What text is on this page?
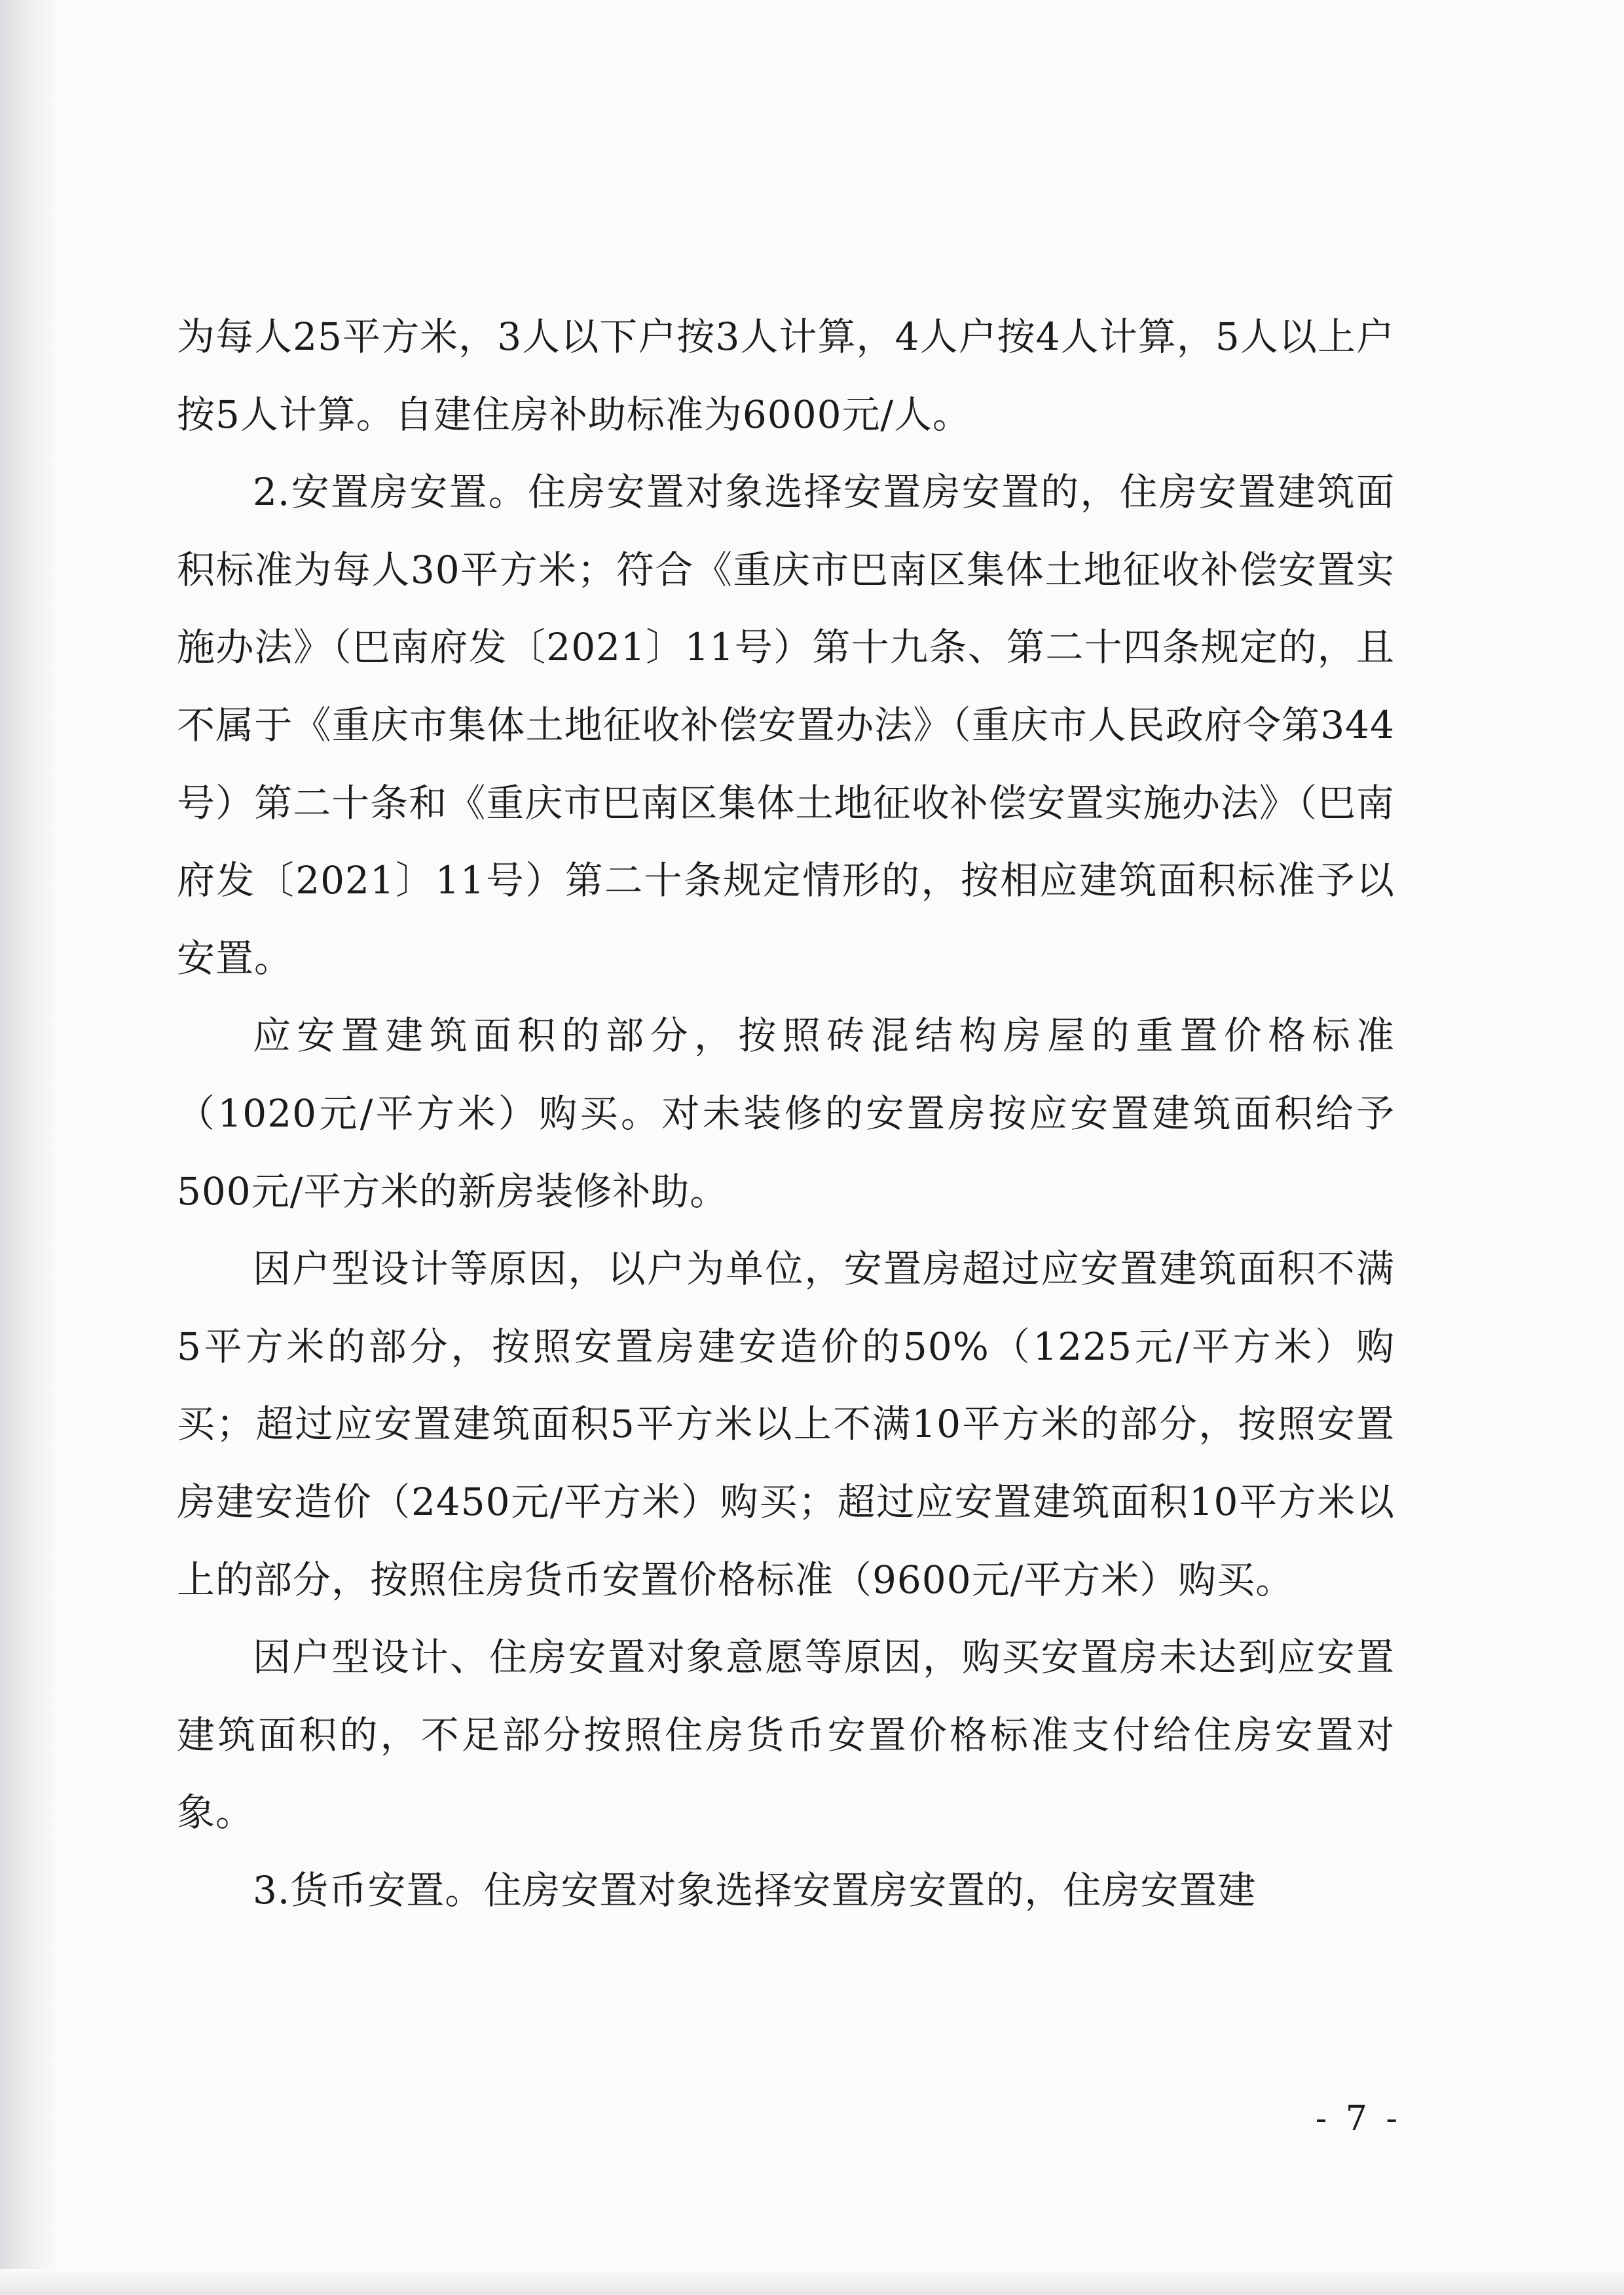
为每人25平方米，3人以下户按3人计算，4人户按4人计算，5人以上户按5人计算。自建住房补助标准为6000元/人。

2.安置房安置。住房安置对象选择安置房安置的，住房安置建筑面积标准为每人30平方米；符合《重庆市巴南区集体土地征收补偿安置实施办法》（巴南府发〔2021〕11号）第十九条、第二十四条规定的，且不属于《重庆市集体土地征收补偿安置办法》（重庆市人民政府令第344号）第二十条和《重庆市巴南区集体土地征收补偿安置实施办法》（巴南府发〔2021〕11号）第二十条规定情形的，按相应建筑面积标准予以安置。

应安置建筑面积的部分，按照砖混结构房屋的重置价格标准（1020元/平方米）购买。对未装修的安置房按应安置建筑面积给予500元/平方米的新房装修补助。

因户型设计等原因，以户为单位，安置房超过应安置建筑面积不满5平方米的部分，按照安置房建安造价的50%（1225元/平方米）购买；超过应安置建筑面积5平方米以上不满10平方米的部分，按照安置房建安造价（2450元/平方米）购买；超过应安置建筑面积10平方米以上的部分，按照住房货币安置价格标准（9600元/平方米）购买。

因户型设计、住房安置对象意愿等原因，购买安置房未达到应安置建筑面积的，不足部分按照住房货币安置价格标准支付给住房安置对象。

3.货币安置。住房安置对象选择安置房安置的，住房安置建

- 7 -
